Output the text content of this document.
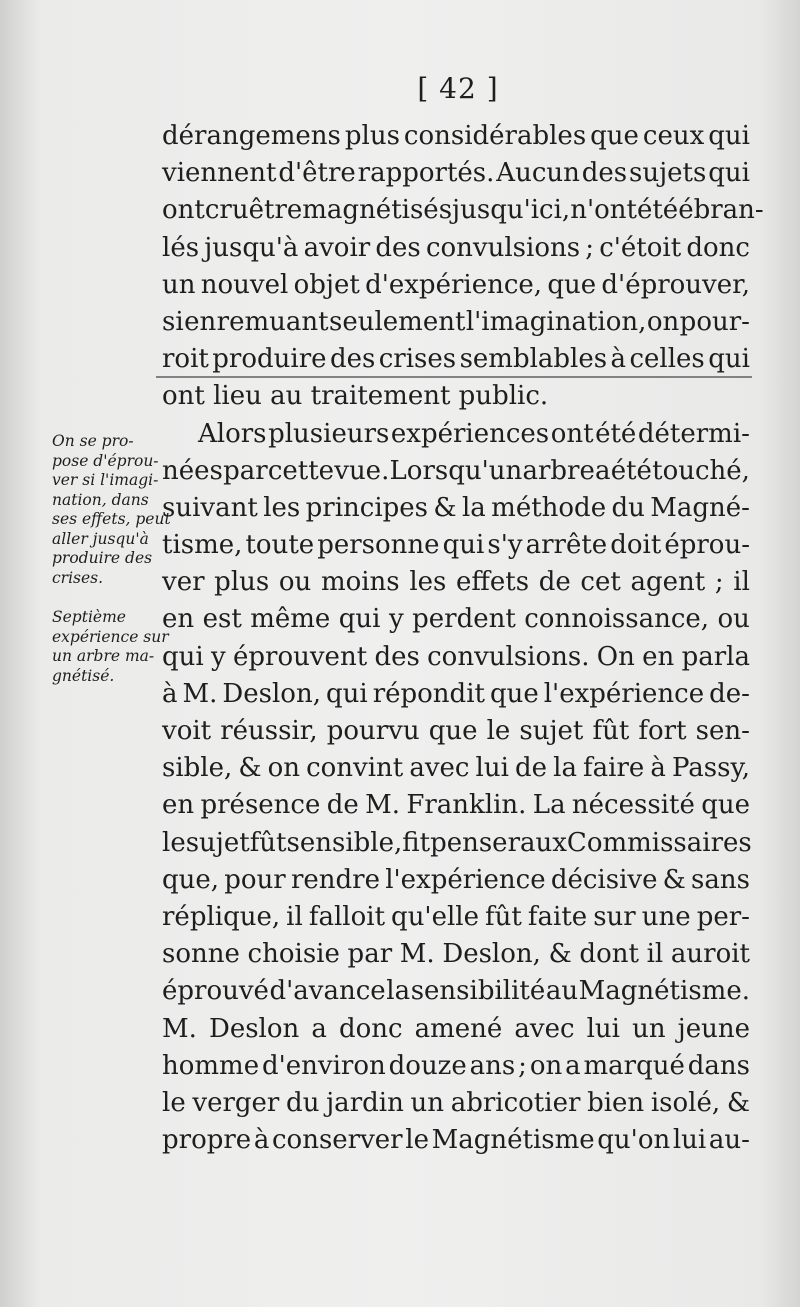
[ 42 ]
dérangemens plus considérables que ceux qui
viennent d'être rapportés. Aucun des sujets qui
ont cru être magnétisés jusqu'ici, n'ont été ébran-
lés jusqu'à avoir des convulsions ; c'étoit donc
un nouvel objet d'expérience, que d'éprouver,
si en remuant seulement l'imagination, on pour-
roit produire des crises semblables à celles qui
ont lieu au traitement public.
Alors plusieurs expériences ont été détermi-
nées par cette vue. Lorsqu'un arbre a été touché,
suivant les principes & la méthode du Magné-
tisme, toute personne qui s'y arrête doit éprou-
ver plus ou moins les effets de cet agent ; il
en est même qui y perdent connoissance, ou
qui y éprouvent des convulsions. On en parla
à M. Deslon, qui répondit que l'expérience de-
voit réussir, pourvu que le sujet fût fort sen-
sible, & on convint avec lui de la faire à Passy,
en présence de M. Franklin. La nécessité que
le sujet fût sensible, fit penser aux Commissaires
que, pour rendre l'expérience décisive & sans
réplique, il falloit qu'elle fût faite sur une per-
sonne choisie par M. Deslon, & dont il auroit
éprouvé d'avance la sensibilité au Magnétisme.
M. Deslon a donc amené avec lui un jeune
homme d'environ douze ans ; on a marqué dans
le verger du jardin un abricotier bien isolé, &
propre à conserver le Magnétisme qu'on lui au-
On se pro-
pose d'éprou-
ver si l'imagi-
nation, dans
ses effets, peut
aller jusqu'à
produire des
crises.
Septième
expérience sur
un arbre ma-
gnétisé.
